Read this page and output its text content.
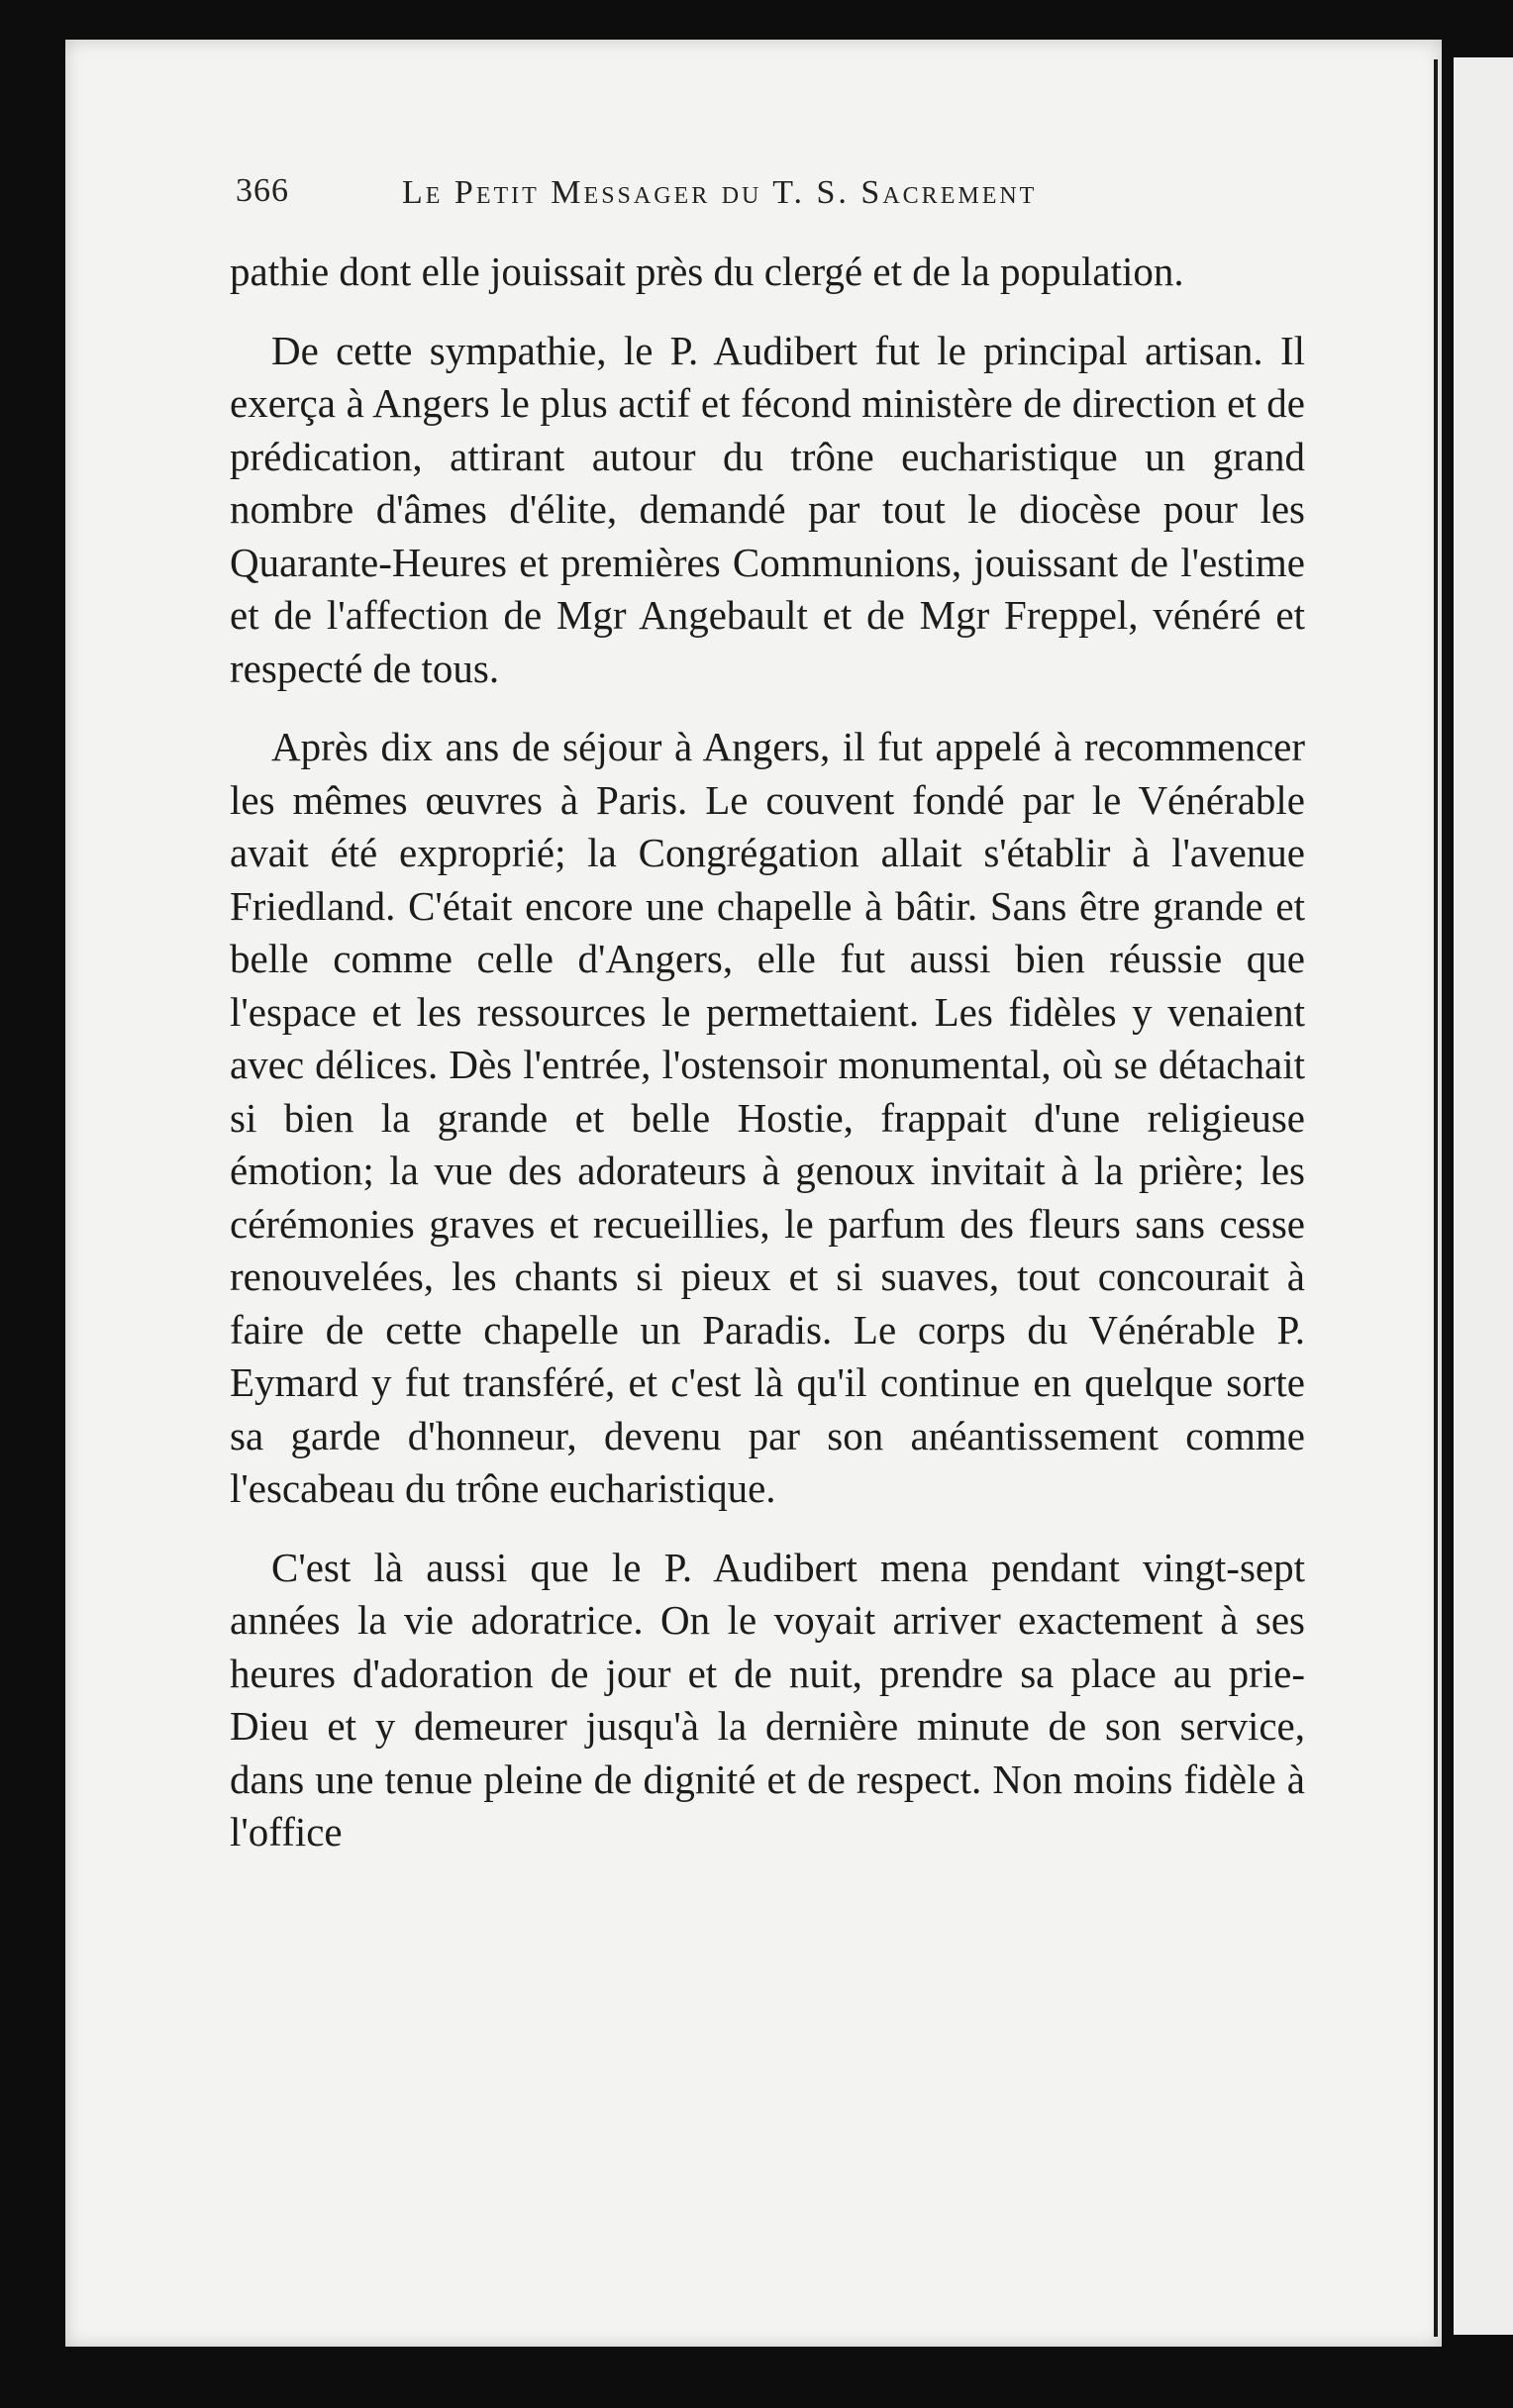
366	Le Petit Messager du T. S. Sacrement

pathie dont elle jouissait près du clergé et de la population.

De cette sympathie, le P. Audibert fut le principal artisan. Il exerça à Angers le plus actif et fécond ministère de direction et de prédication, attirant autour du trône eucharistique un grand nombre d'âmes d'élite, demandé par tout le diocèse pour les Quarante-Heures et premières Communions, jouissant de l'estime et de l'affection de Mgr Angebault et de Mgr Freppel, vénéré et respecté de tous.

Après dix ans de séjour à Angers, il fut appelé à recommencer les mêmes œuvres à Paris. Le couvent fondé par le Vénérable avait été exproprié; la Congrégation allait s'établir à l'avenue Friedland. C'était encore une chapelle à bâtir. Sans être grande et belle comme celle d'Angers, elle fut aussi bien réussie que l'espace et les ressources le permettaient. Les fidèles y venaient avec délices. Dès l'entrée, l'ostensoir monumental, où se détachait si bien la grande et belle Hostie, frappait d'une religieuse émotion; la vue des adorateurs à genoux invitait à la prière; les cérémonies graves et recueillies, le parfum des fleurs sans cesse renouvelées, les chants si pieux et si suaves, tout concourait à faire de cette chapelle un Paradis. Le corps du Vénérable P. Eymard y fut transféré, et c'est là qu'il continue en quelque sorte sa garde d'honneur, devenu par son anéantissement comme l'escabeau du trône eucharistique.

C'est là aussi que le P. Audibert mena pendant vingt-sept années la vie adoratrice. On le voyait arriver exactement à ses heures d'adoration de jour et de nuit, prendre sa place au prie-Dieu et y demeurer jusqu'à la dernière minute de son service, dans une tenue pleine de dignité et de respect. Non moins fidèle à l'office
